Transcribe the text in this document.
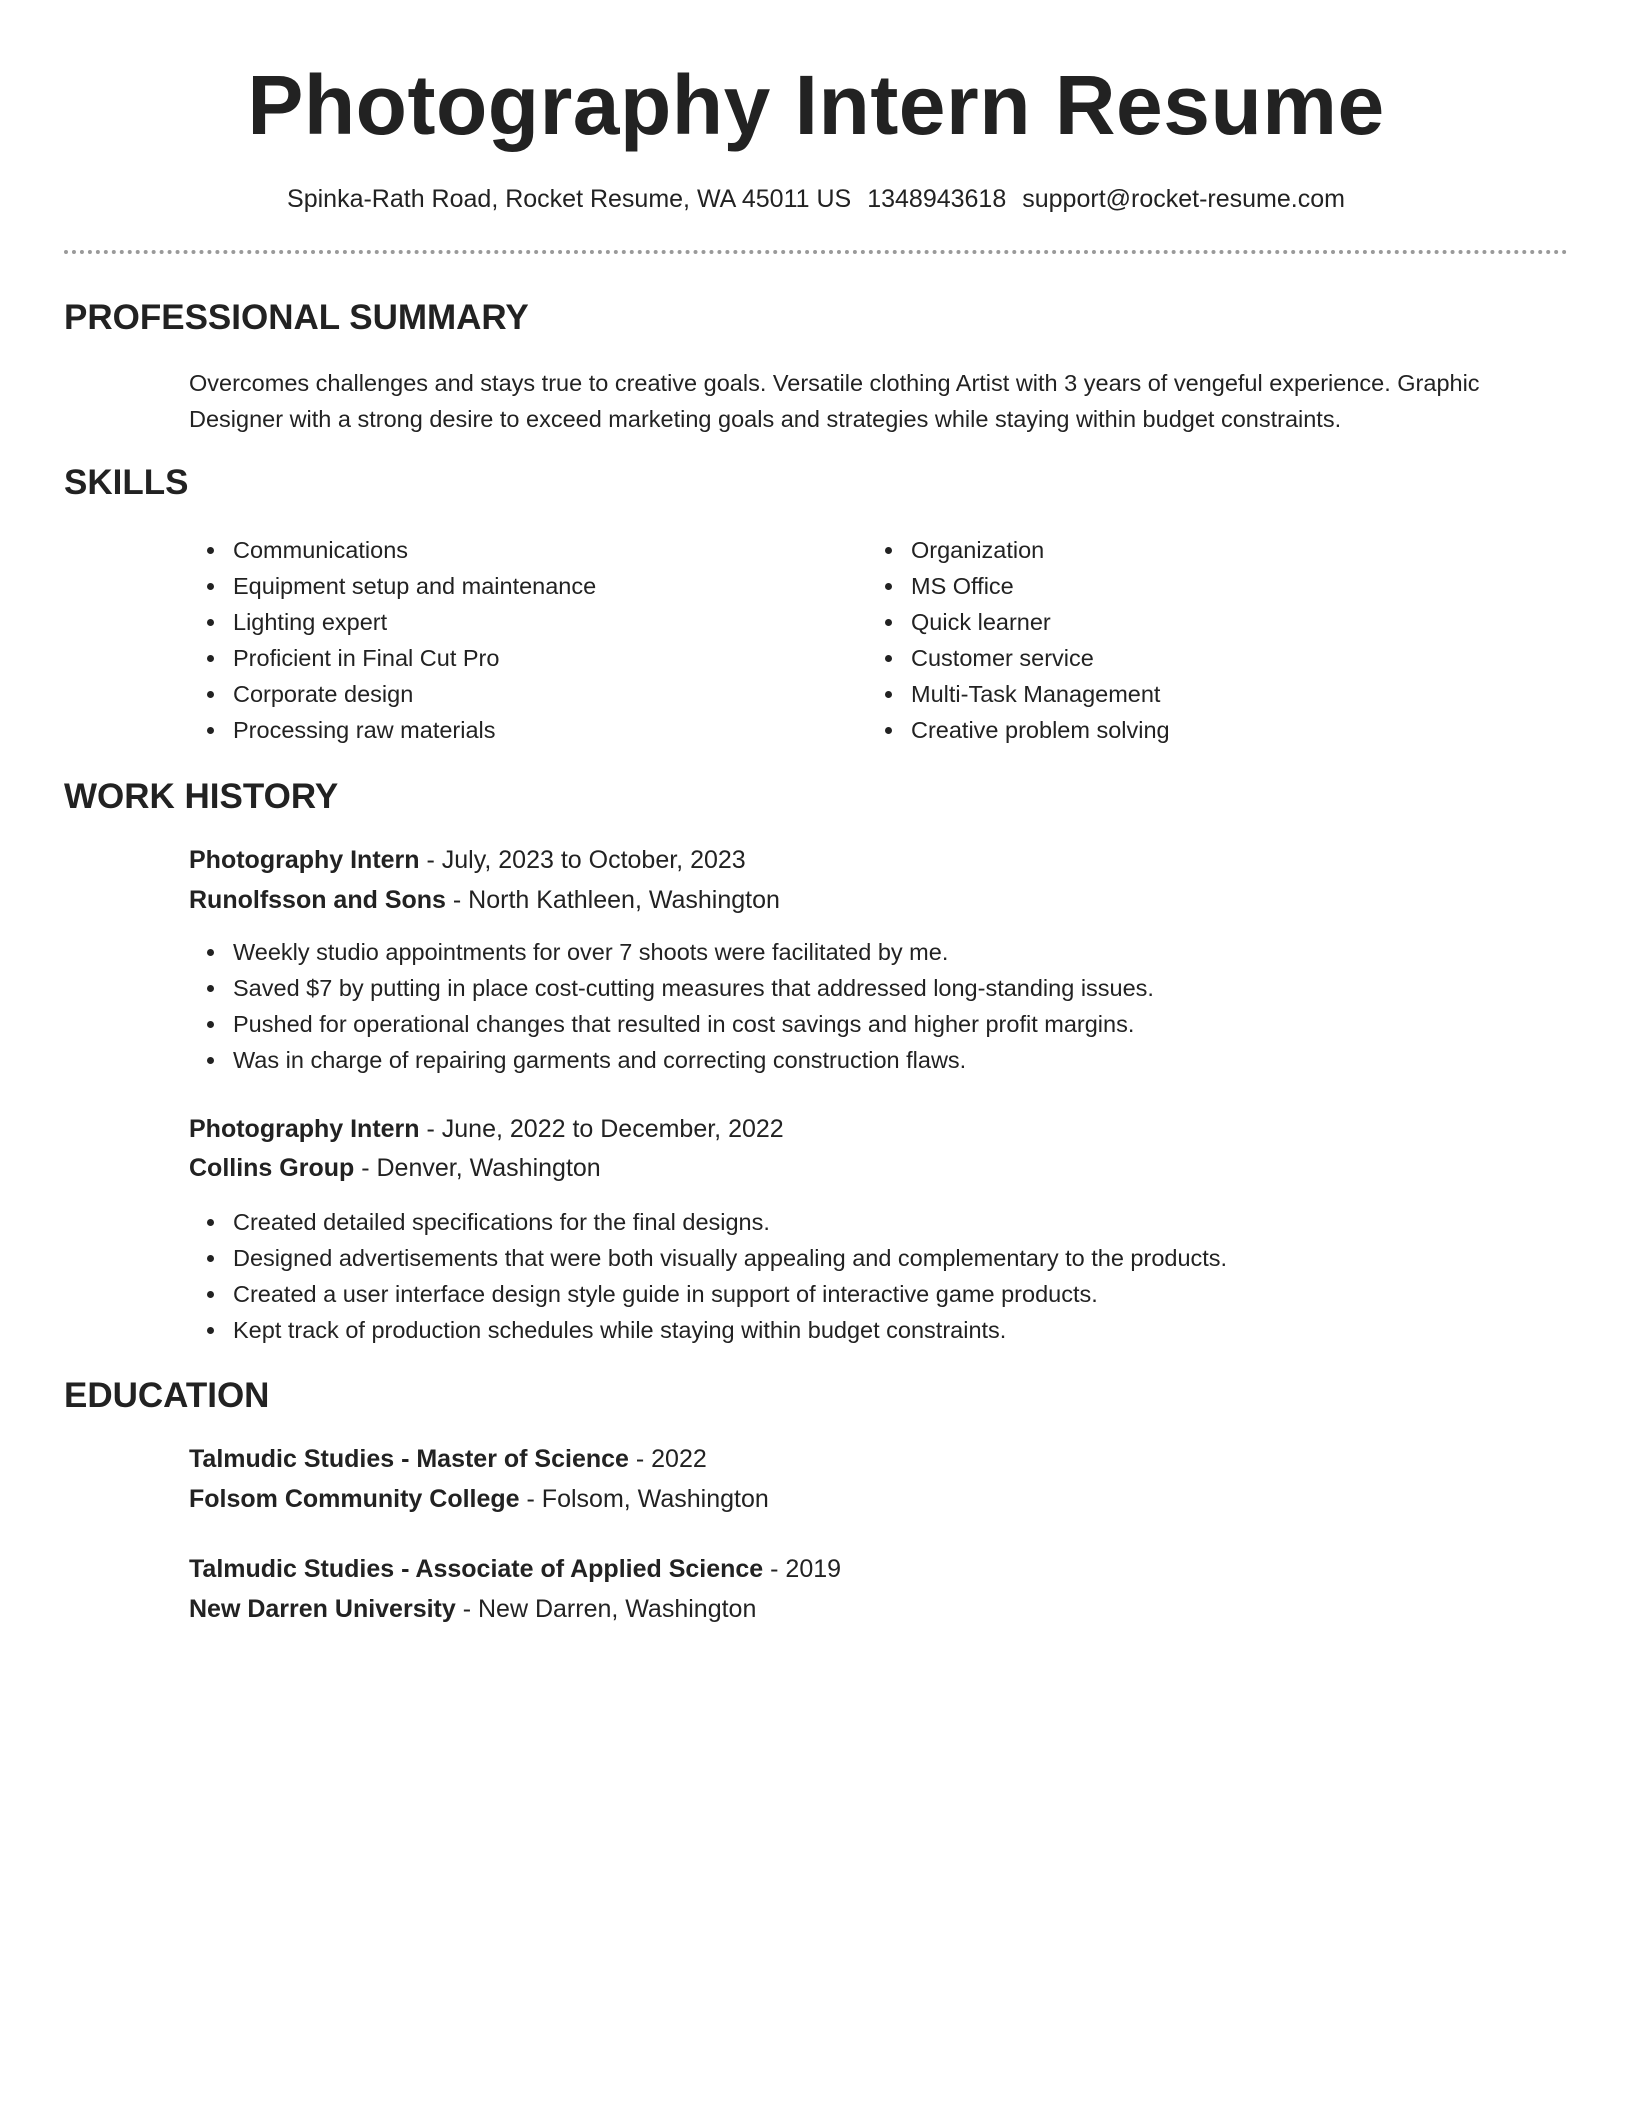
Photography Intern Resume
Spinka-Rath Road, Rocket Resume, WA 45011 US 1348943618 support@rocket-resume.com
PROFESSIONAL SUMMARY

Overcomes challenges and stays true to creative goals. Versatile clothing Artist with 3 years of vengeful experience. Graphic Designer with a strong desire to exceed marketing goals and strategies while staying within budget constraints.

SKILLS
Communications
Equipment setup and maintenance
Lighting expert
Proficient in Final Cut Pro
Corporate design
Processing raw materials
Organization
MS Office
Quick learner
Customer service
Multi-Task Management
Creative problem solving
WORK HISTORY
Photography Intern - July, 2023 to October, 2023
Runolfsson and Sons - North Kathleen, Washington
Weekly studio appointments for over 7 shoots were facilitated by me.
Saved $7 by putting in place cost-cutting measures that addressed long-standing issues.
Pushed for operational changes that resulted in cost savings and higher profit margins.
Was in charge of repairing garments and correcting construction flaws.
Photography Intern - June, 2022 to December, 2022
Collins Group - Denver, Washington
Created detailed specifications for the final designs.
Designed advertisements that were both visually appealing and complementary to the products.
Created a user interface design style guide in support of interactive game products.
Kept track of production schedules while staying within budget constraints.
EDUCATION
Talmudic Studies - Master of Science - 2022
Folsom Community College - Folsom, Washington
Talmudic Studies - Associate of Applied Science - 2019
New Darren University - New Darren, Washington
